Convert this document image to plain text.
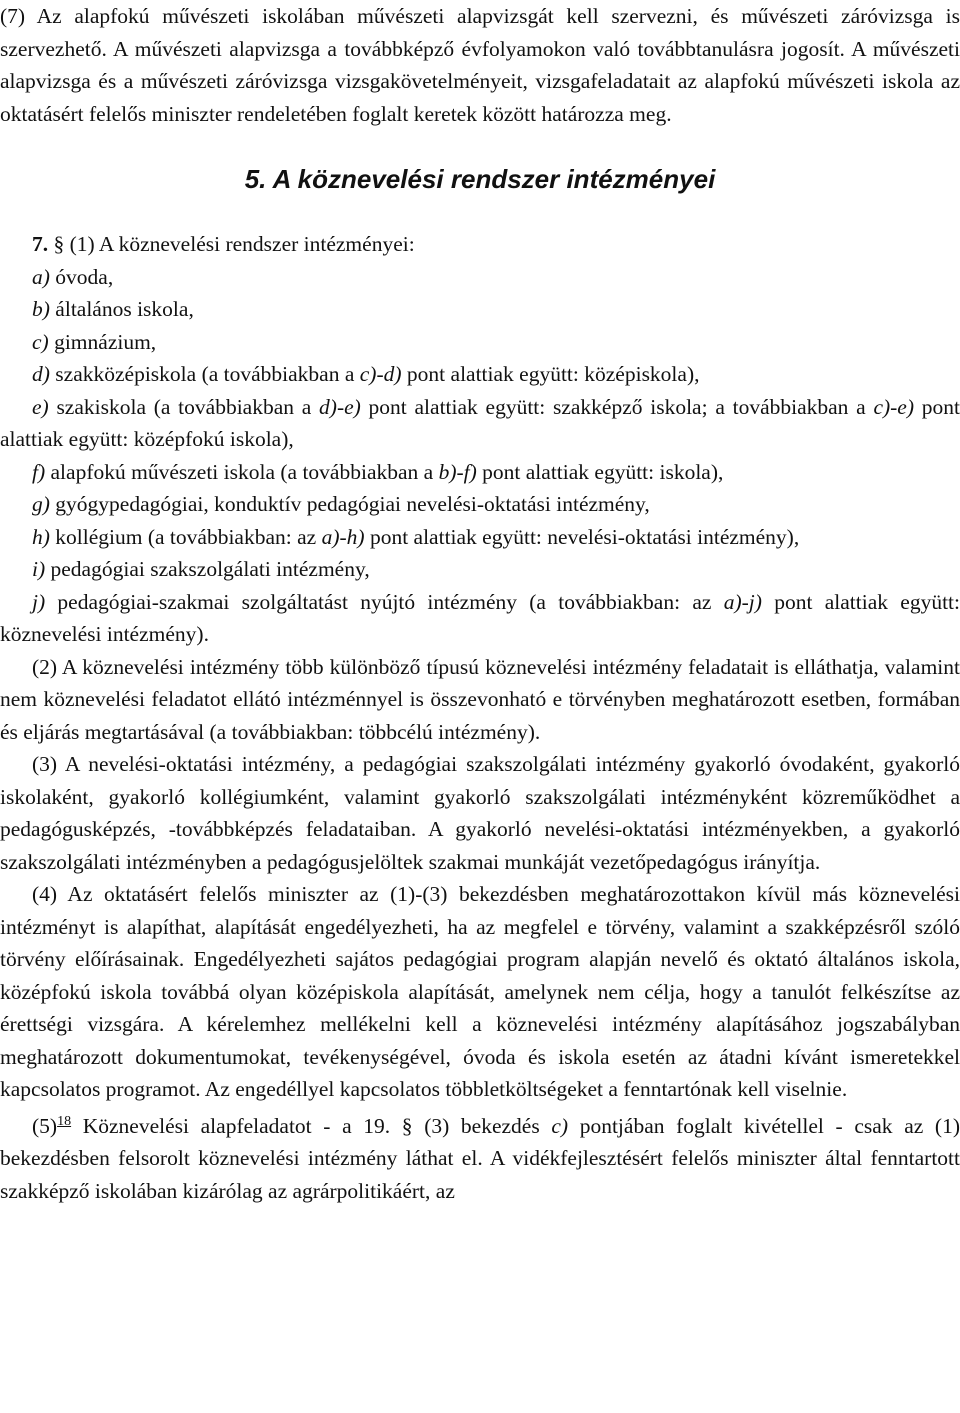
(7) Az alapfokú művészeti iskolában művészeti alapvizsgát kell szervezni, és művészeti záróvizsga is szervezhető. A művészeti alapvizsga a továbbképző évfolyamokon való továbbtanulásra jogosít. A művészeti alapvizsga és a művészeti záróvizsga vizsgakövetelményeit, vizsgafeladatait az alapfokú művészeti iskola az oktatásért felelős miniszter rendeletében foglalt keretek között határozza meg.

5. A köznevelési rendszer intézményei

7. § (1) A köznevelési rendszer intézményei:

a) óvoda,

b) általános iskola,

c) gimnázium,

d) szakközépiskola (a továbbiakban a c)-d) pont alattiak együtt: középiskola),

e) szakiskola (a továbbiakban a d)-e) pont alattiak együtt: szakképző iskola; a továbbiakban a c)-e) pont alattiak együtt: középfokú iskola),

f) alapfokú művészeti iskola (a továbbiakban a b)-f) pont alattiak együtt: iskola),

g) gyógypedagógiai, konduktív pedagógiai nevelési-oktatási intézmény,

h) kollégium (a továbbiakban: az a)-h) pont alattiak együtt: nevelési-oktatási intézmény),

i) pedagógiai szakszolgálati intézmény,

j) pedagógiai-szakmai szolgáltatást nyújtó intézmény (a továbbiakban: az a)-j) pont alattiak együtt: köznevelési intézmény).

(2) A köznevelési intézmény több különböző típusú köznevelési intézmény feladatait is elláthatja, valamint nem köznevelési feladatot ellátó intézménnyel is összevonható e törvényben meghatározott esetben, formában és eljárás megtartásával (a továbbiakban: többcélú intézmény).

(3) A nevelési-oktatási intézmény, a pedagógiai szakszolgálati intézmény gyakorló óvodaként, gyakorló iskolaként, gyakorló kollégiumként, valamint gyakorló szakszolgálati intézményként közreműködhet a pedagógusképzés, -továbbképzés feladataiban. A gyakorló nevelési-oktatási intézményekben, a gyakorló szakszolgálati intézményben a pedagógusjelöltek szakmai munkáját vezetőpedagógus irányítja.

(4) Az oktatásért felelős miniszter az (1)-(3) bekezdésben meghatározottakon kívül más köznevelési intézményt is alapíthat, alapítását engedélyezheti, ha az megfelel e törvény, valamint a szakképzésről szóló törvény előírásainak. Engedélyezheti sajátos pedagógiai program alapján nevelő és oktató általános iskola, középfokú iskola továbbá olyan középiskola alapítását, amelynek nem célja, hogy a tanulót felkészítse az érettségi vizsgára. A kérelemhez mellékelni kell a köznevelési intézmény alapításához jogszabályban meghatározott dokumentumokat, tevékenységével, óvoda és iskola esetén az átadni kívánt ismeretekkel kapcsolatos programot. Az engedéllyel kapcsolatos többletköltségeket a fenntartónak kell viselnie.

(5)$^{18}$ Köznevelési alapfeladatot - a 19. § (3) bekezdés c) pontjában foglalt kivétellel - csak az (1) bekezdésben felsorolt köznevelési intézmény láthat el. A vidékfejlesztésért felelős miniszter által fenntartott szakképző iskolában kizárólag az agrárpolitikáért, az
